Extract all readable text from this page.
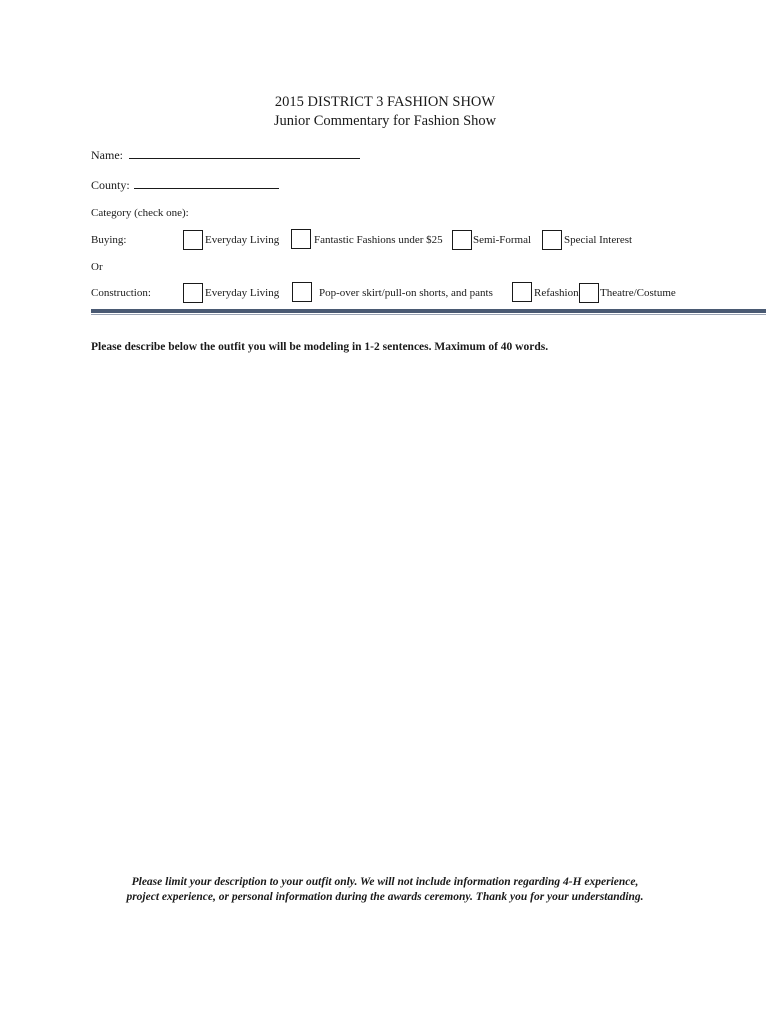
2015 DISTRICT 3 FASHION SHOW
Junior Commentary for Fashion Show
Name:
County:
Category (check one):
Buying:	Everyday Living	Fantastic Fashions under $25	Semi-Formal	Special Interest
Or
Construction:	Everyday Living	Pop-over skirt/pull-on shorts, and pants	Refashion Theatre/Costume
Please describe below the outfit you will be modeling in 1-2 sentences. Maximum of 40 words.
Please limit your description to your outfit only. We will not include information regarding 4-H experience,
project experience, or personal information during the awards ceremony. Thank you for your understanding.
